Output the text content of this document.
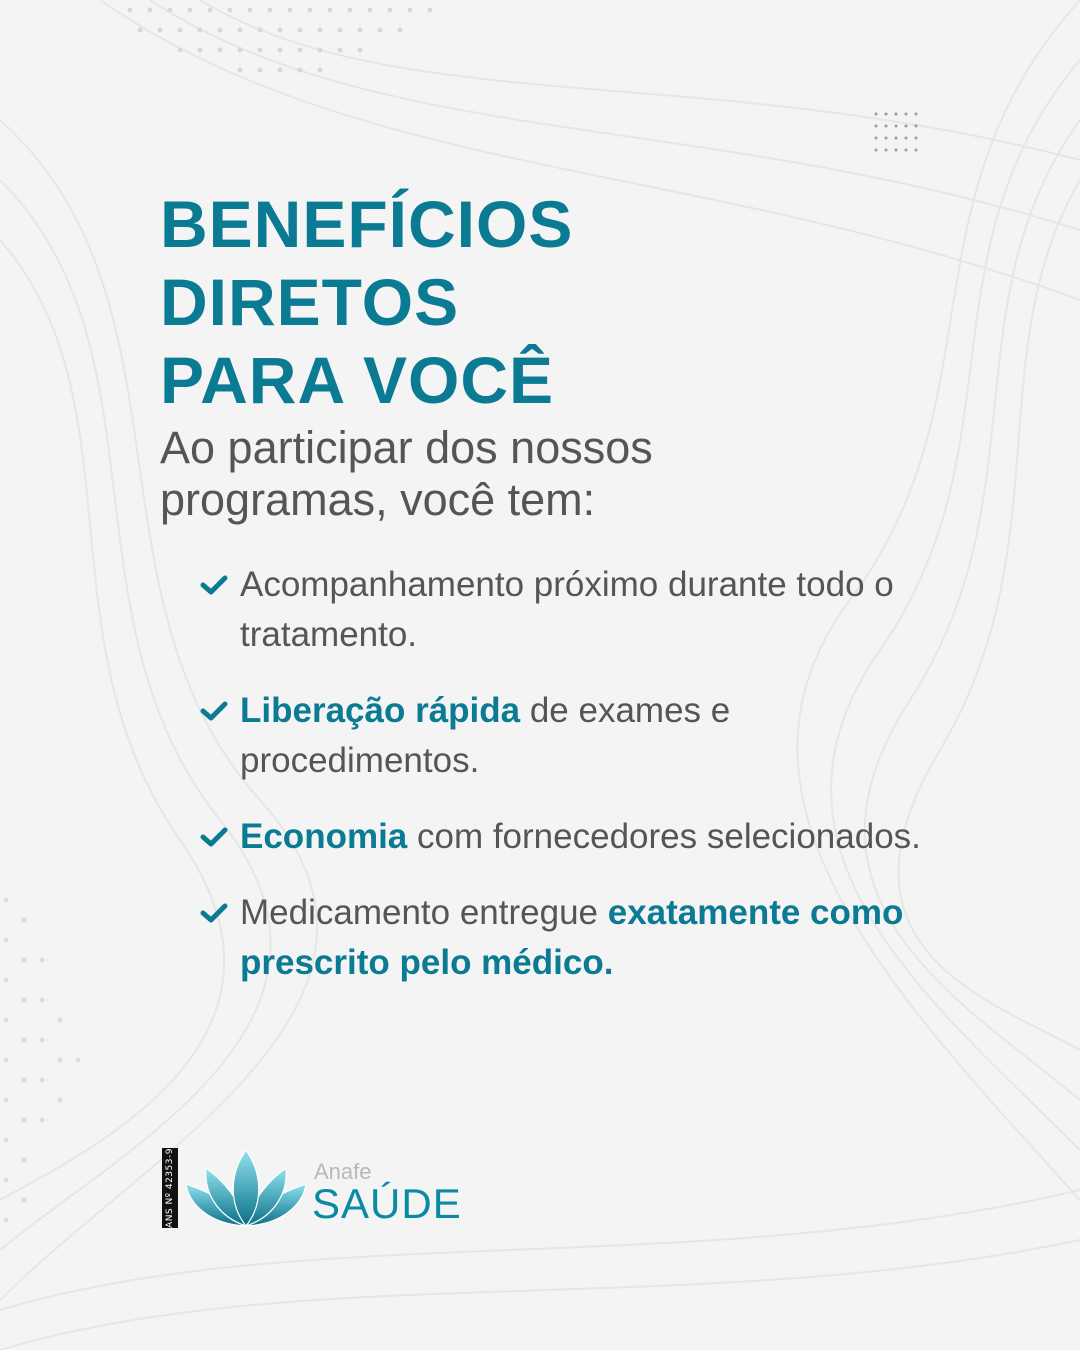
BENEFÍCIOS
DIRETOS
PARA VOCÊ

Ao participar dos nossos programas, você tem:

Acompanhamento próximo durante todo o tratamento.
Liberação rápida de exames e procedimentos.
Economia com fornecedores selecionados.
Medicamento entregue exatamente como prescrito pelo médico.
ANS Nº 42353-9	Anafe
SAÚDE
